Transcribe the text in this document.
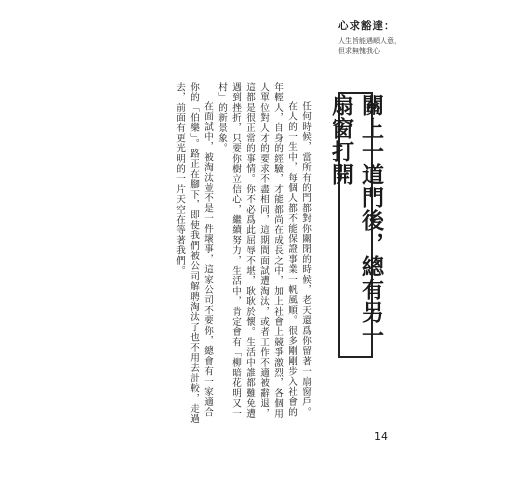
心求豁達：
人生旨能遇順人意，
但求無愧我心
關上一道門後，總有另一扇窗打開

任何時候，當所有的門都對你關閉的時候，老天還爲你留著一扇窗戶。

在人的一生中，每個人都不能保證事業一帆風順。很多剛剛步入社會的年輕人，自身的經驗，才能都尚在成長之中，加上社會上競爭激烈，各個用人單位對人才的要求不盡相同，這期間面試遭淘汰，或者工作不適被辭退，這都是很正常的事情。你不必爲此屈辱不堪，耿耿於懷。生活中誰都難免遭遇到挫折，只要你樹立信心，繼續努力，生活中，肯定會有「柳暗花明又一村」的新景象。

在面試中，被淘汰並不是一件壞事，這家公司不要你，總會有一家適合你的「伯樂」。路正在腳下，即使我們被公司解聘淘汰了也不用去計較，走過去，前面有更光明的一片天空在等著我們。

14
